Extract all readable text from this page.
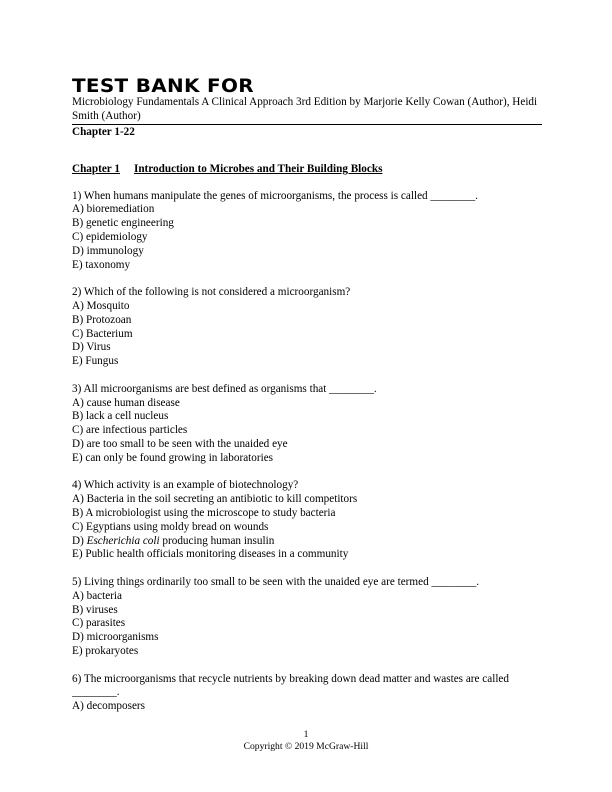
TEST BANK FOR
Microbiology Fundamentals A Clinical Approach 3rd Edition by Marjorie Kelly Cowan (Author), Heidi Smith (Author)
Chapter 1-22
Chapter 1 Introduction to Microbes and Their Building Blocks
1) When humans manipulate the genes of microorganisms, the process is called ________.
A) bioremediation
B) genetic engineering
C) epidemiology
D) immunology
E) taxonomy
2) Which of the following is not considered a microorganism?
A) Mosquito
B) Protozoan
C) Bacterium
D) Virus
E) Fungus
3) All microorganisms are best defined as organisms that ________.
A) cause human disease
B) lack a cell nucleus
C) are infectious particles
D) are too small to be seen with the unaided eye
E) can only be found growing in laboratories
4) Which activity is an example of biotechnology?
A) Bacteria in the soil secreting an antibiotic to kill competitors
B) A microbiologist using the microscope to study bacteria
C) Egyptians using moldy bread on wounds
D) Escherichia coli producing human insulin
E) Public health officials monitoring diseases in a community
5) Living things ordinarily too small to be seen with the unaided eye are termed ________.
A) bacteria
B) viruses
C) parasites
D) microorganisms
E) prokaryotes
6) The microorganisms that recycle nutrients by breaking down dead matter and wastes are called ________.
A) decomposers
1
Copyright © 2019 McGraw-Hill
